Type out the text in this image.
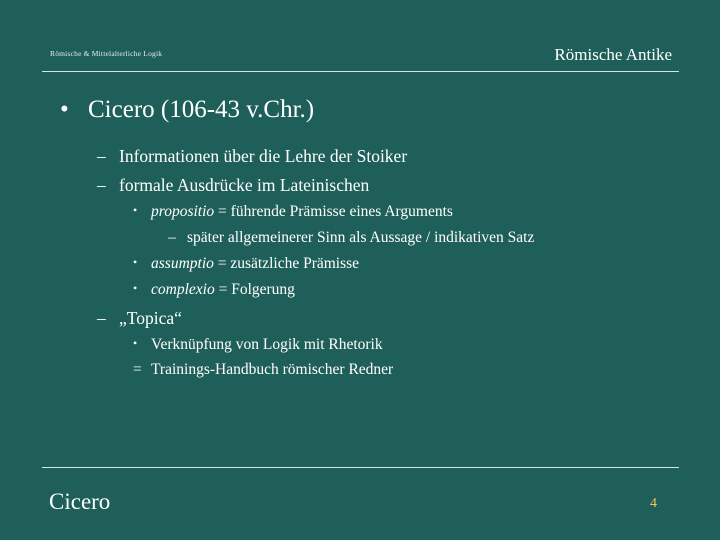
Römische & Mittelalterliche Logik	Römische Antike
• Cicero (106-43 v.Chr.)
– Informationen über die Lehre der Stoiker
– formale Ausdrücke im Lateinischen
• propositio = führende Prämisse eines Arguments
– später allgemeinerer Sinn als Aussage / indikativen Satz
• assumptio = zusätzliche Prämisse
• complexio = Folgerung
– „Topica“
• Verknüpfung von Logik mit Rhetorik
= Trainings-Handbuch römischer Redner
Cicero	4
